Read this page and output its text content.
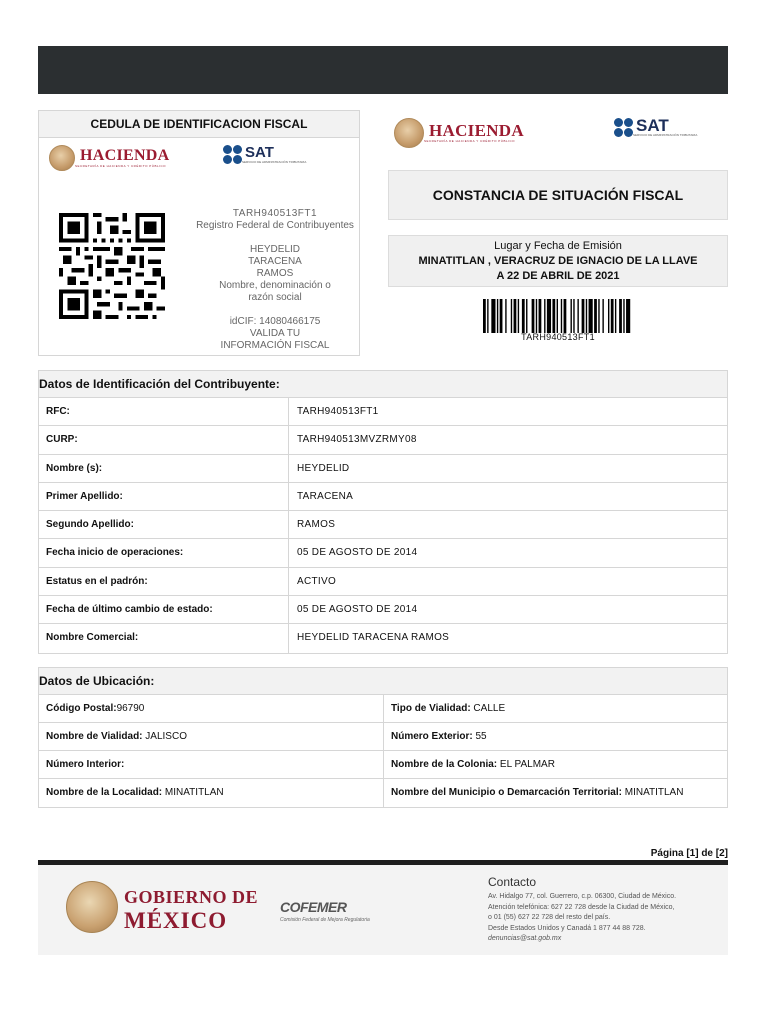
CEDULA DE IDENTIFICACION FISCAL
HACIENDA
SECRETARÍA DE HACIENDA Y CRÉDITO PÚBLICO
SAT
SERVICIO DE ADMINISTRACIÓN TRIBUTARIA
TARH940513FT1
Registro Federal de Contribuyentes
HEYDELID TARACENA RAMOS
Nombre, denominación o razón social
idCIF: 14080466175
VALIDA TU INFORMACIÓN FISCAL
HACIENDA
SECRETARÍA DE HACIENDA Y CRÉDITO PÚBLICO
SAT
SERVICIO DE ADMINISTRACIÓN TRIBUTARIA
CONSTANCIA DE SITUACIÓN FISCAL
Lugar y Fecha de Emisión
MINATITLAN , VERACRUZ DE IGNACIO DE LA LLAVE
A 22 DE ABRIL DE 2021
TARH940513FT1
Datos de Identificación del Contribuyente:
RFC:	TARH940513FT1
CURP:	TARH940513MVZRMY08
Nombre (s):	HEYDELID
Primer Apellido:	TARACENA
Segundo Apellido:	RAMOS
Fecha inicio de operaciones:	05 DE AGOSTO DE 2014
Estatus en el padrón:	ACTIVO
Fecha de último cambio de estado:	05 DE AGOSTO DE 2014
Nombre Comercial:	HEYDELID TARACENA RAMOS
Datos de Ubicación:
Código Postal:96790	Tipo de Vialidad: CALLE
Nombre de Vialidad: JALISCO	Número Exterior: 55
Número Interior:	Nombre de la Colonia: EL PALMAR
Nombre de la Localidad: MINATITLAN	Nombre del Municipio o Demarcación Territorial: MINATITLAN
Página [1] de [2]
GOBIERNO DE
MÉXICO
COFEMER
Comisión Federal de Mejora Regulatoria
Contacto

Av. Hidalgo 77, col. Guerrero, c.p. 06300, Ciudad de México.

Atención telefónica: 627 22 728 desde la Ciudad de México,

o 01 (55) 627 22 728 del resto del país.

Desde Estados Unidos y Canadá 1 877 44 88 728.

denuncias@sat.gob.mx
